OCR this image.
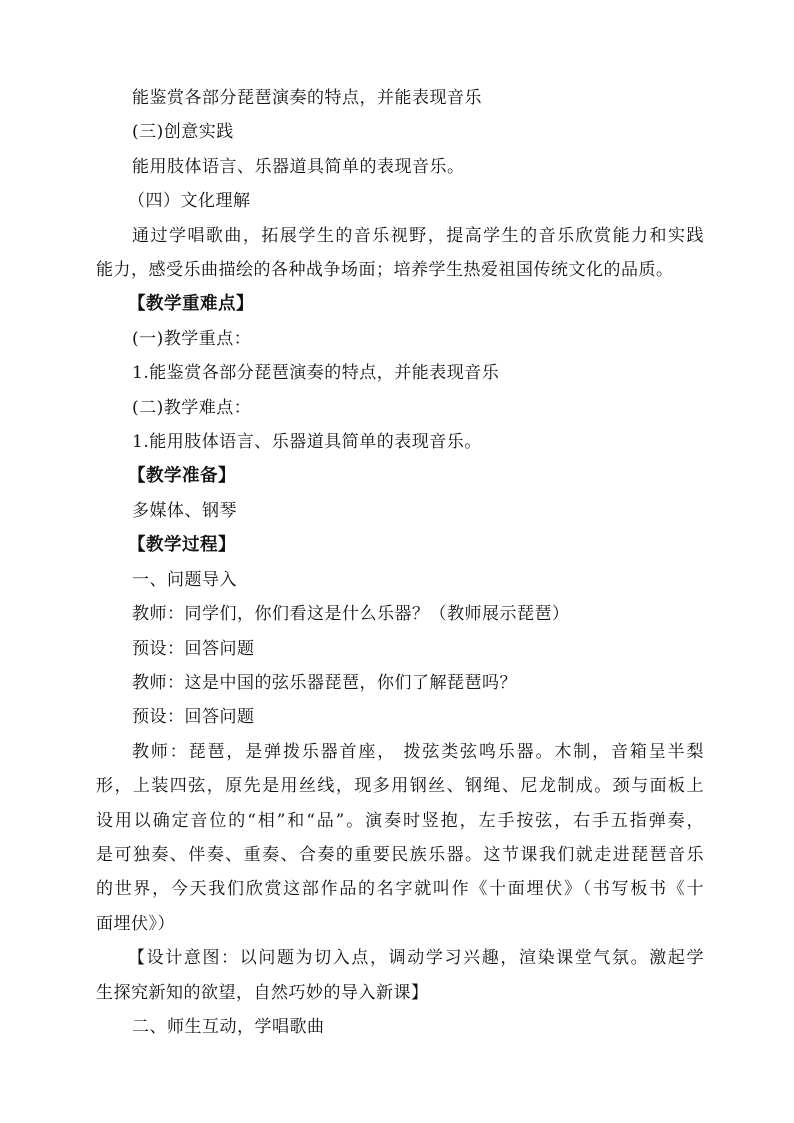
能鉴赏各部分琵琶演奏的特点，并能表现音乐
(三)创意实践
能用肢体语言、乐器道具简单的表现音乐。
（四）文化理解
通过学唱歌曲，拓展学生的音乐视野，提高学生的音乐欣赏能力和实践
能力，感受乐曲描绘的各种战争场面；培养学生热爱祖国传统文化的品质。
【教学重难点】
(一)教学重点：
1.能鉴赏各部分琵琶演奏的特点，并能表现音乐
(二)教学难点：
1.能用肢体语言、乐器道具简单的表现音乐。
【教学准备】
多媒体、钢琴
【教学过程】
一、问题导入
教师：同学们，你们看这是什么乐器？（教师展示琵琶）
预设：回答问题
教师：这是中国的弦乐器琵琶，你们了解琵琶吗？
预设：回答问题
教师：琵琶，是弹拨乐器首座， 拨弦类弦鸣乐器。木制，音箱呈半梨
形，上装四弦，原先是用丝线，现多用钢丝、钢绳、尼龙制成。颈与面板上
设用以确定音位的“相”和“品”。演奏时竖抱，左手按弦，右手五指弹奏，
是可独奏、伴奏、重奏、合奏的重要民族乐器。这节课我们就走进琵琶音乐
的世界，今天我们欣赏这部作品的名字就叫作《十面埋伏》（书写板书《十
面埋伏》）
【设计意图：以问题为切入点，调动学习兴趣，渲染课堂气氛。激起学
生探究新知的欲望，自然巧妙的导入新课】
二、师生互动，学唱歌曲
